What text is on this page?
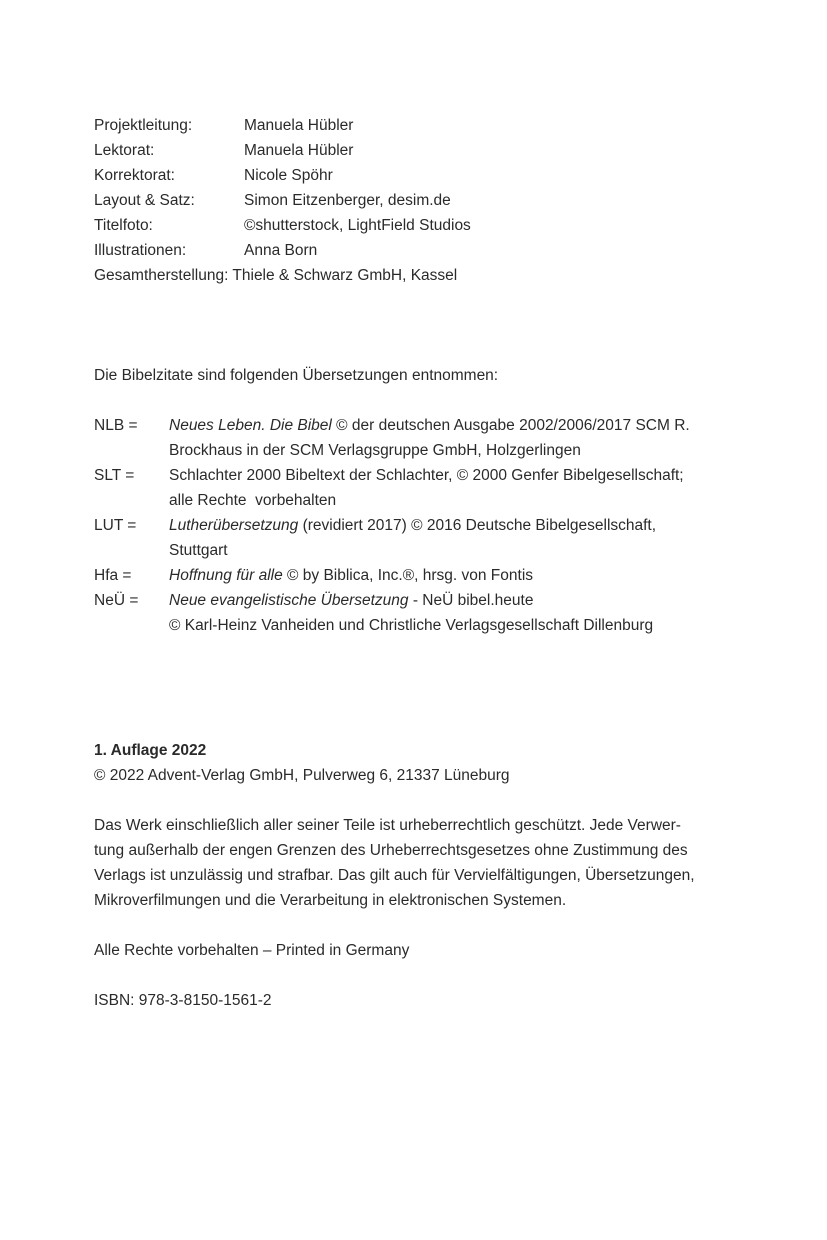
Projektleitung:	Manuela Hübler
Lektorat:	Manuela Hübler
Korrektorat:	Nicole Spöhr
Layout & Satz:	Simon Eitzenberger, desim.de
Titelfoto:	©shutterstock, LightField Studios
Illustrationen:	Anna Born
Gesamtherstellung: Thiele & Schwarz GmbH, Kassel
Die Bibelzitate sind folgenden Übersetzungen entnommen:
NLB =	Neues Leben. Die Bibel © der deutschen Ausgabe 2002/2006/2017 SCM R.
Brockhaus in der SCM Verlagsgruppe GmbH, Holzgerlingen
SLT =	Schlachter 2000 Bibeltext der Schlachter, © 2000 Genfer Bibelgesellschaft;
alle Rechte  vorbehalten
LUT =	Lutherübersetzung (revidiert 2017) © 2016 Deutsche Bibelgesellschaft,
Stuttgart
Hfa =	Hoffnung für alle © by Biblica, Inc.®, hrsg. von Fontis
NeÜ =	Neue evangelistische Übersetzung - NeÜ bibel.heute
© Karl-Heinz Vanheiden und Christliche Verlagsgesellschaft Dillenburg
1. Auflage 2022
© 2022 Advent-Verlag GmbH, Pulverweg 6, 21337 Lüneburg
Das Werk einschließlich aller seiner Teile ist urheberrechtlich geschützt. Jede Verwer-
tung außerhalb der engen Grenzen des Urheberrechtsgesetzes ohne Zustimmung des
Verlags ist unzulässig und strafbar. Das gilt auch für Vervielfältigungen, Übersetzungen,
Mikroverfilmungen und die Verarbeitung in elektronischen Systemen.
Alle Rechte vorbehalten – Printed in Germany
ISBN: 978-3-8150-1561-2
